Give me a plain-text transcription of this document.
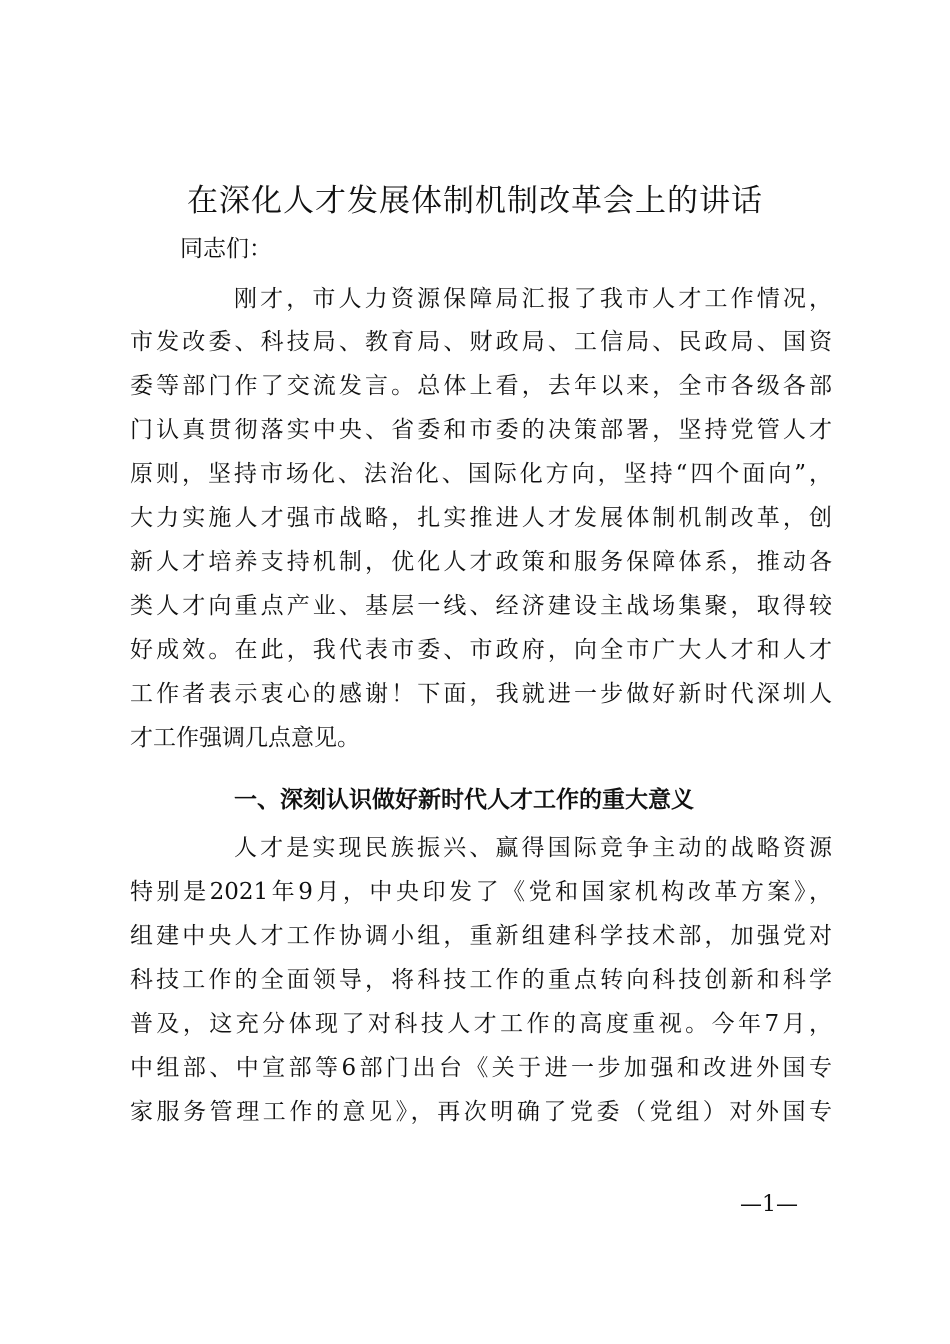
在深化人才发展体制机制改革会上的讲话
同志们：
刚才，市人力资源保障局汇报了我市人才工作情况，
市发改委、科技局、教育局、财政局、工信局、民政局、国资
委等部门作了交流发言。总体上看，去年以来，全市各级各部
门认真贯彻落实中央、省委和市委的决策部署，坚持党管人才
原则，坚持市场化、法治化、国际化方向，坚持“四个面向”，
大力实施人才强市战略，扎实推进人才发展体制机制改革，创
新人才培养支持机制，优化人才政策和服务保障体系，推动各
类人才向重点产业、基层一线、经济建设主战场集聚，取得较
好成效。在此，我代表市委、市政府，向全市广大人才和人才
工作者表示衷心的感谢！下面，我就进一步做好新时代深圳人
才工作强调几点意见。
一、深刻认识做好新时代人才工作的重大意义
人才是实现民族振兴、赢得国际竞争主动的战略资源
特别是2021年9月，中央印发了《党和国家机构改革方案》，
组建中央人才工作协调小组，重新组建科学技术部，加强党对
科技工作的全面领导，将科技工作的重点转向科技创新和科学
普及，这充分体现了对科技人才工作的高度重视。今年7月，
中组部、中宣部等6部门出台《关于进一步加强和改进外国专
家服务管理工作的意见》，再次明确了党委（党组）对外国专
—1—
